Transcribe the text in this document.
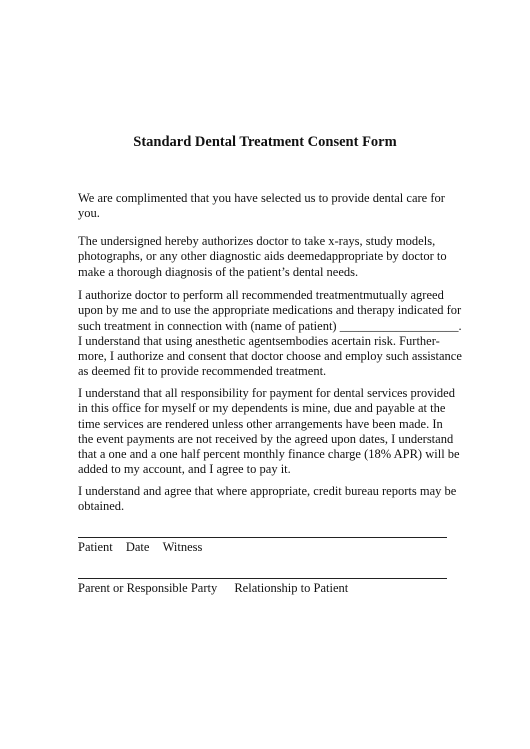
Standard Dental Treatment Consent Form

We are complimented that you have selected us to provide dental care for
you.

The undersigned hereby authorizes doctor to take x-rays, study models,
photographs, or any other diagnostic aids deemedappropriate by doctor to
make a thorough diagnosis of the patient’s dental needs.

I authorize doctor to perform all recommended treatmentmutually agreed
upon by me and to use the appropriate medications and therapy indicated for
such treatment in connection with (name of patient) ___________________.
I understand that using anesthetic agentsembodies acertain risk. Further-
more, I authorize and consent that doctor choose and employ such assistance
as deemed fit to provide recommended treatment.

I understand that all responsibility for payment for dental services provided
in this office for myself or my dependents is mine, due and payable at the
time services are rendered unless other arrangements have been made. In
the event payments are not received by the agreed upon dates, I understand
that a one and a one half percent monthly finance charge (18% APR) will be
added to my account, and I agree to pay it.

I understand and agree that where appropriate, credit bureau reports may be
obtained.

Patient Date Witness
Parent or Responsible Party Relationship to Patient
